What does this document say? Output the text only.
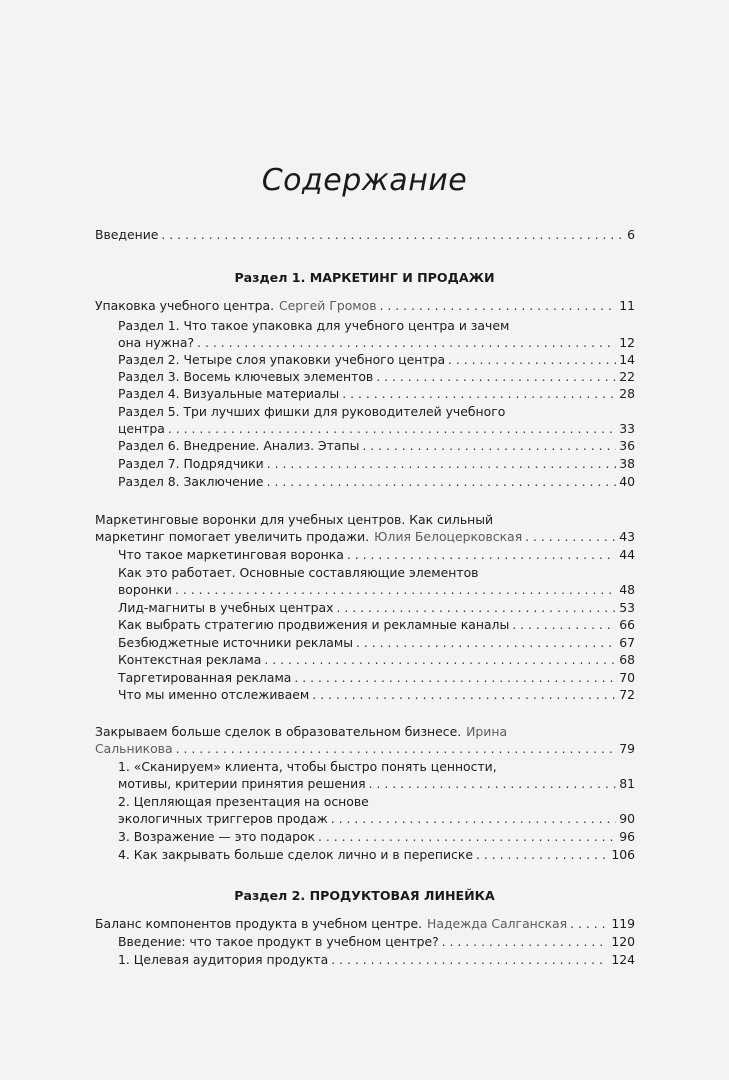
Содержание
Введение . . .	6
Раздел 1. МАРКЕТИНГ И ПРОДАЖИ
Упаковка учебного центра. Сергей Громов . . .	11
Раздел 1. Что такое упаковка для учебного центра и зачем
она нужна? . . .	12
Раздел 2. Четыре слоя упаковки учебного центра . . .	14
Раздел 3. Восемь ключевых элементов . . .	22
Раздел 4. Визуальные материалы . . .	28
Раздел 5. Три лучших фишки для руководителей учебного
центра . . .	33
Раздел 6. Внедрение. Анализ. Этапы . . .	36
Раздел 7. Подрядчики . . .	38
Раздел 8. Заключение . . .	40
Маркетинговые воронки для учебных центров. Как сильный
маркетинг помогает увеличить продажи. Юлия Белоцерковская . . .	43
Что такое маркетинговая воронка . . .	44
Как это работает. Основные составляющие элементов
воронки . . .	48
Лид-магниты в учебных центрах . . .	53
Как выбрать стратегию продвижения и рекламные каналы . . .	66
Безбюджетные источники рекламы . . .	67
Контекстная реклама . . .	68
Таргетированная реклама . . .	70
Что мы именно отслеживаем . . .	72
Закрываем больше сделок в образовательном бизнесе. Ирина
Сальникова . . .	79
1. «Сканируем» клиента, чтобы быстро понять ценности,
мотивы, критерии принятия решения . . .	81
2. Цепляющая презентация на основе
экологичных триггеров продаж . . .	90
3. Возражение — это подарок . . .	96
4. Как закрывать больше сделок лично и в переписке . . .	106
Раздел 2. ПРОДУКТОВАЯ ЛИНЕЙКА
Баланс компонентов продукта в учебном центре. Надежда Салганская . . .	119
Введение: что такое продукт в учебном центре? . . .	120
1. Целевая аудитория продукта . . .	124
